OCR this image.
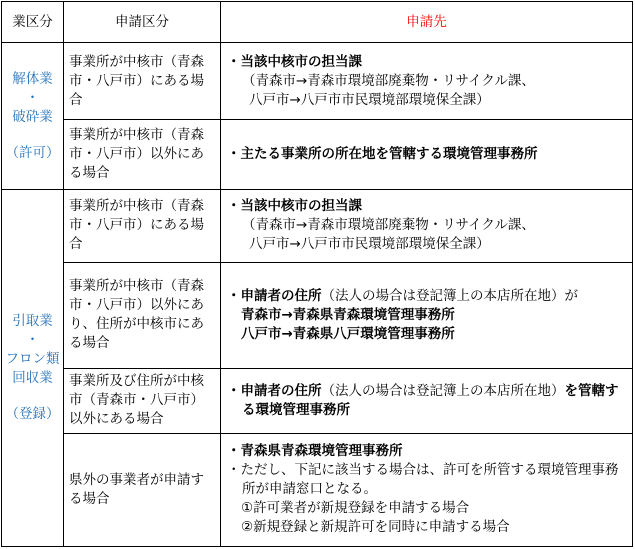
業区分	申請区分	申請先

解体業
・
破砕業
（許可）	事業所が中核市（青森市・八戸市）にある場合	・当該中核市の担当課
（青森市→青森市環境部廃棄物・リサイクル課、
八戸市→八戸市市民環境部環境保全課）

	事業所が中核市（青森市・八戸市）以外にある場合	・主たる事業所の所在地を管轄する環境管理事務所

引取業
・
フロン類
回収業
（登録）	事業所が中核市（青森市・八戸市）にある場合	・当該中核市の担当課
（青森市→青森市環境部廃棄物・リサイクル課、
八戸市→八戸市市民環境部環境保全課）

	事業所が中核市（青森市・八戸市）以外にあり、住所が中核市にある場合	・申請者の住所（法人の場合は登記簿上の本店所在地）が
青森市→青森県青森環境管理事務所
八戸市→青森県八戸環境管理事務所

	事業所及び住所が中核市（青森市・八戸市）以外にある場合	・申請者の住所（法人の場合は登記簿上の本店所在地）を管轄する環境管理事務所

	県外の事業者が申請する場合	・青森県青森環境管理事務所
・ただし、下記に該当する場合は、許可を所管する環境管理事務所が申請窓口となる。
①許可業者が新規登録を申請する場合
②新規登録と新規許可を同時に申請する場合
